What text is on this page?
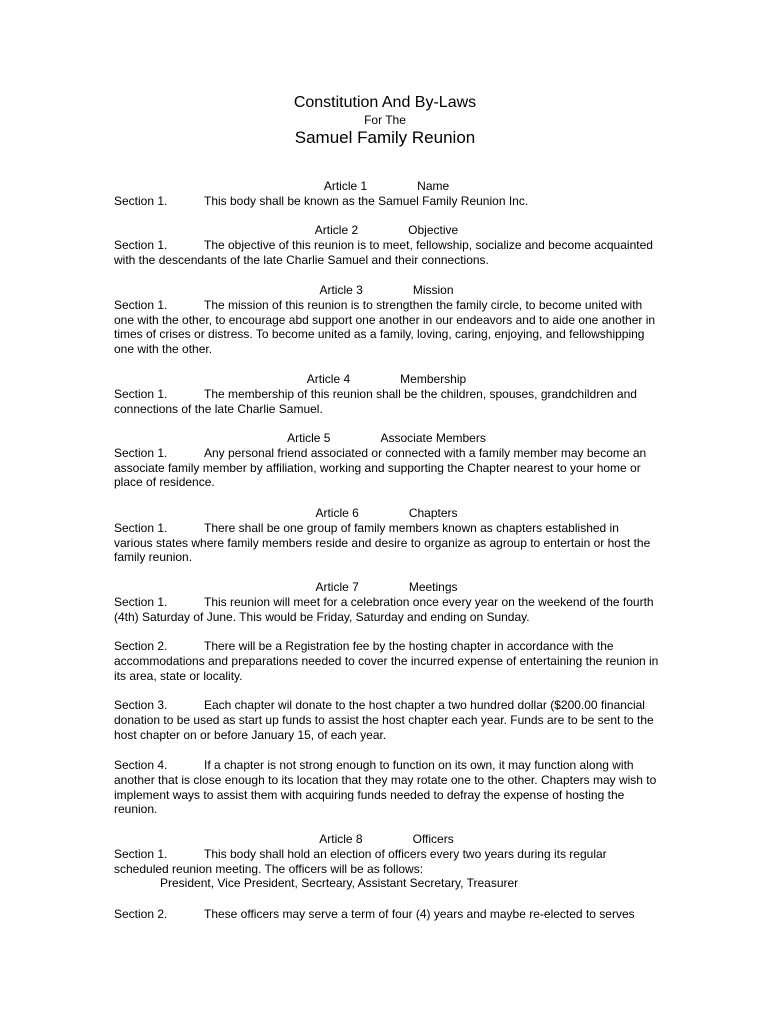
Constitution And By-Laws
For The
Samuel Family Reunion
Article 1	Name

Section 1.	This body shall be known as the Samuel Family Reunion Inc.

Article 2	Objective

Section 1.	The objective of this reunion is to meet, fellowship, socialize and become acquainted with the descendants of the late Charlie Samuel and their connections.

Article 3	Mission

Section 1.	The mission of this reunion is to strengthen the family circle, to become united with one with the other, to encourage abd support one another in our endeavors and to aide one another in times of crises or distress. To become united as a family, loving, caring, enjoying, and fellowshipping one with the other.

Article 4	Membership

Section 1.	The membership of this reunion shall be the children, spouses, grandchildren and connections of the late Charlie Samuel.

Article 5	Associate Members

Section 1.	Any personal friend associated or connected with a family member may become an associate family member by affiliation, working and supporting the Chapter nearest to your home or place of residence.

Article 6	Chapters

Section 1.	There shall be one group of family members known as chapters established in various states where family members reside and desire to organize as agroup to entertain or host the family reunion.

Article 7	Meetings

Section 1.	This reunion will meet for a celebration once every year on the weekend of the fourth (4th) Saturday of June. This would be Friday, Saturday and ending on Sunday.

Section 2.	There will be a Registration fee by the hosting chapter in accordance with the accommodations and preparations needed to cover the incurred expense of entertaining the reunion in its area, state or locality.

Section 3.	Each chapter wil donate to the host chapter a two hundred dollar ($200.00 financial donation to be used as start up funds to assist the host chapter each year. Funds are to be sent to the host chapter on or before January 15, of each year.

Section 4.	If a chapter is not strong enough to function on its own, it may function along with another that is close enough to its location that they may rotate one to the other. Chapters may wish to implement ways to assist them with acquiring funds needed to defray the expense of hosting the reunion.

Article 8	Officers

Section 1.	This body shall hold an election of officers every two years during its regular scheduled reunion meeting. The officers will be as follows:

President, Vice President, Secrteary, Assistant Secretary, Treasurer

Section 2.	These officers may serve a term of four (4) years and maybe re-elected to serves
